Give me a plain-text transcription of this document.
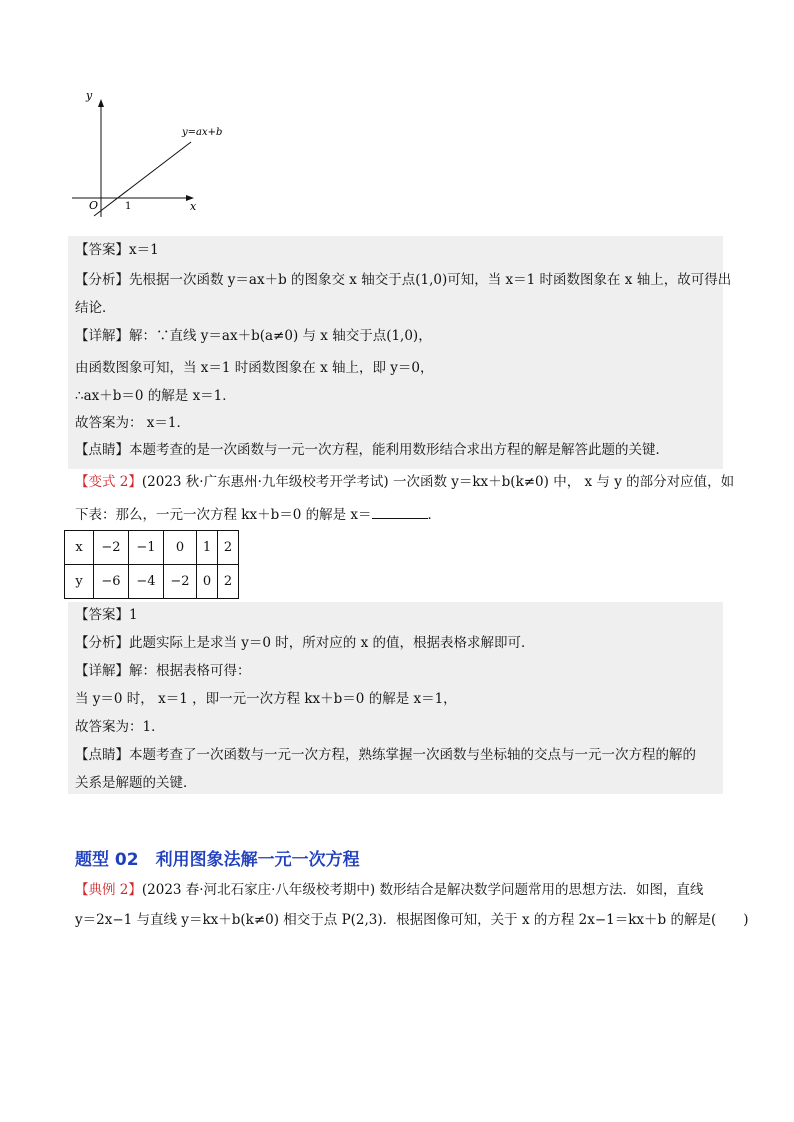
y
x
O	1
y=ax+b
【答案】x＝1
【分析】先根据一次函数 y＝ax＋b 的图象交 x 轴交于点(1,0)可知，当 x＝1 时函数图象在 x 轴上，故可得出
结论．
【详解】解：∵直线 y＝ax＋b(a≠0) 与 x 轴交于点(1,0)，
由函数图象可知，当 x＝1 时函数图象在 x 轴上，即 y＝0，
∴ax＋b＝0 的解是 x＝1．
故答案为： x＝1．
【点睛】本题考查的是一次函数与一元一次方程，能利用数形结合求出方程的解是解答此题的关键．
【变式 2】(2023 秋·广东惠州·九年级校考开学考试) 一次函数 y＝kx＋b(k≠0) 中， x 与 y 的部分对应值，如
下表：那么，一元一次方程 kx＋b＝0 的解是 x＝	．
x	−2	−1	0	1	2
y	−6	−4	−2	0	2
【答案】1
【分析】此题实际上是求当 y＝0 时，所对应的 x 的值，根据表格求解即可．
【详解】解：根据表格可得：
当 y＝0 时， x＝1 ，即一元一次方程 kx＋b＝0 的解是 x＝1，
故答案为：1．
【点睛】本题考查了一次函数与一元一次方程，熟练掌握一次函数与坐标轴的交点与一元一次方程的解的
关系是解题的关键．
题型 02　利用图象法解一元一次方程
【典例 2】(2023 春·河北石家庄·八年级校考期中) 数形结合是解决数学问题常用的思想方法．如图，直线
y＝2x−1 与直线 y＝kx＋b(k≠0) 相交于点 P(2,3)．根据图像可知，关于 x 的方程 2x−1＝kx＋b 的解是(　　)
